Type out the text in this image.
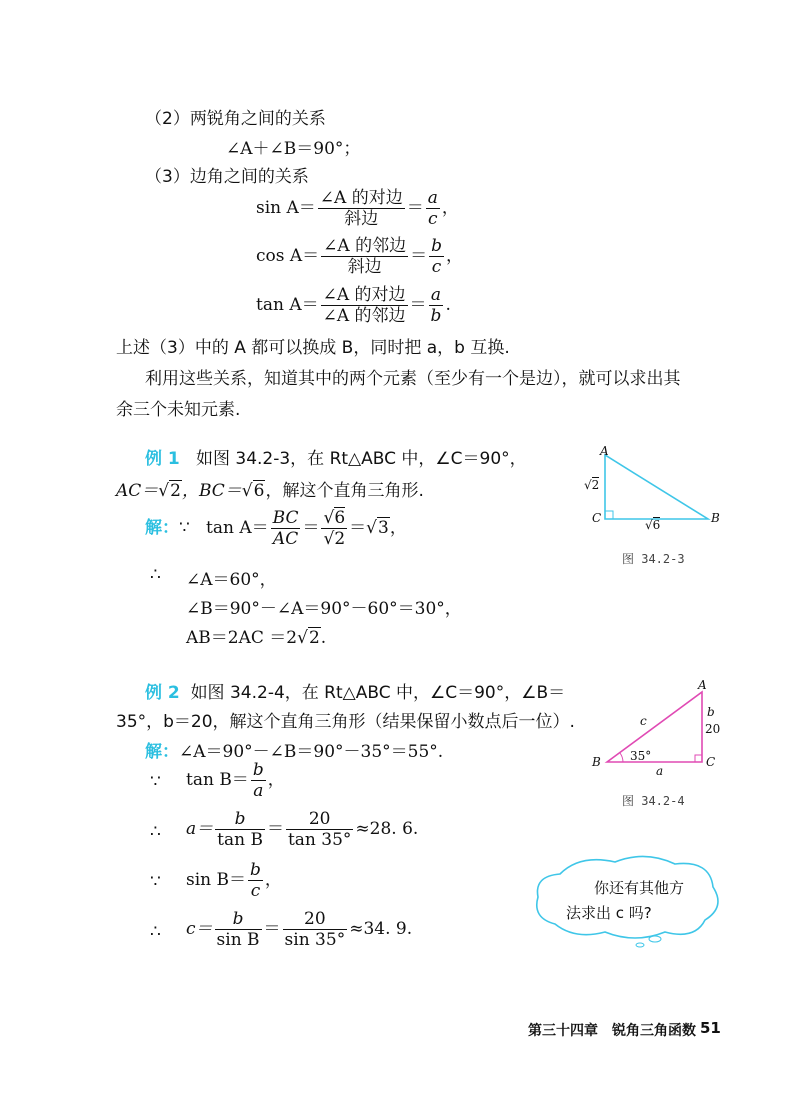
（2）两锐角之间的关系
∠A＋∠B＝90°；
（3）边角之间的关系
$\sin A= \frac{\text{∠A 的对边}}{\text{斜边}} = \frac{a}{c}$ ，
$\cos A= \frac{\text{∠A 的邻边}}{\text{斜边}} = \frac{b}{c}$ ，
$\tan A= \frac{\text{∠A 的对边}}{\text{∠A 的邻边}} = \frac{a}{b}$ .
上述（3）中的 A 都可以换成 B，同时把 a，b 互换.
利用这些关系，知道其中的两个元素（至少有一个是边），就可以求出其
余三个未知元素.
例 1 如图 34.2-3，在 Rt△ABC 中，∠C＝90°，
AC＝√2，BC＝√6，解这个直角三角形.
解：∵ $\tan A= \frac{BC}{AC} = \frac{√6}{√2} =√3$，
∴ ∠A＝60°，
∠B＝90°－∠A＝90°－60°＝30°，
AB＝2AC ＝2√2.
A
C	B
√2
√6
图 34.2-3
例 2 如图 34.2-4，在 Rt△ABC 中，∠C＝90°，∠B＝
35°，b＝20，解这个直角三角形（结果保留小数点后一位）.
解：∠A＝90°－∠B＝90°－35°＝55°.
∵ $\tan B= \frac{b}{a}$ ，
∴ $a= \frac{b}{\text{tan B}} = \frac{20}{\tan 35^\circ} \approx 28$. 6.
∵ $\sin B= \frac{b}{c}$ ，
∴ $c= \frac{b}{\text{sin B}} = \frac{20}{\sin 35^\circ} \approx 34$. 9.
A
B	C
c
b
20
a
35°
图 34.2-4
你还有其他方
法求出 c 吗?
第三十四章　锐角三角函数 51
